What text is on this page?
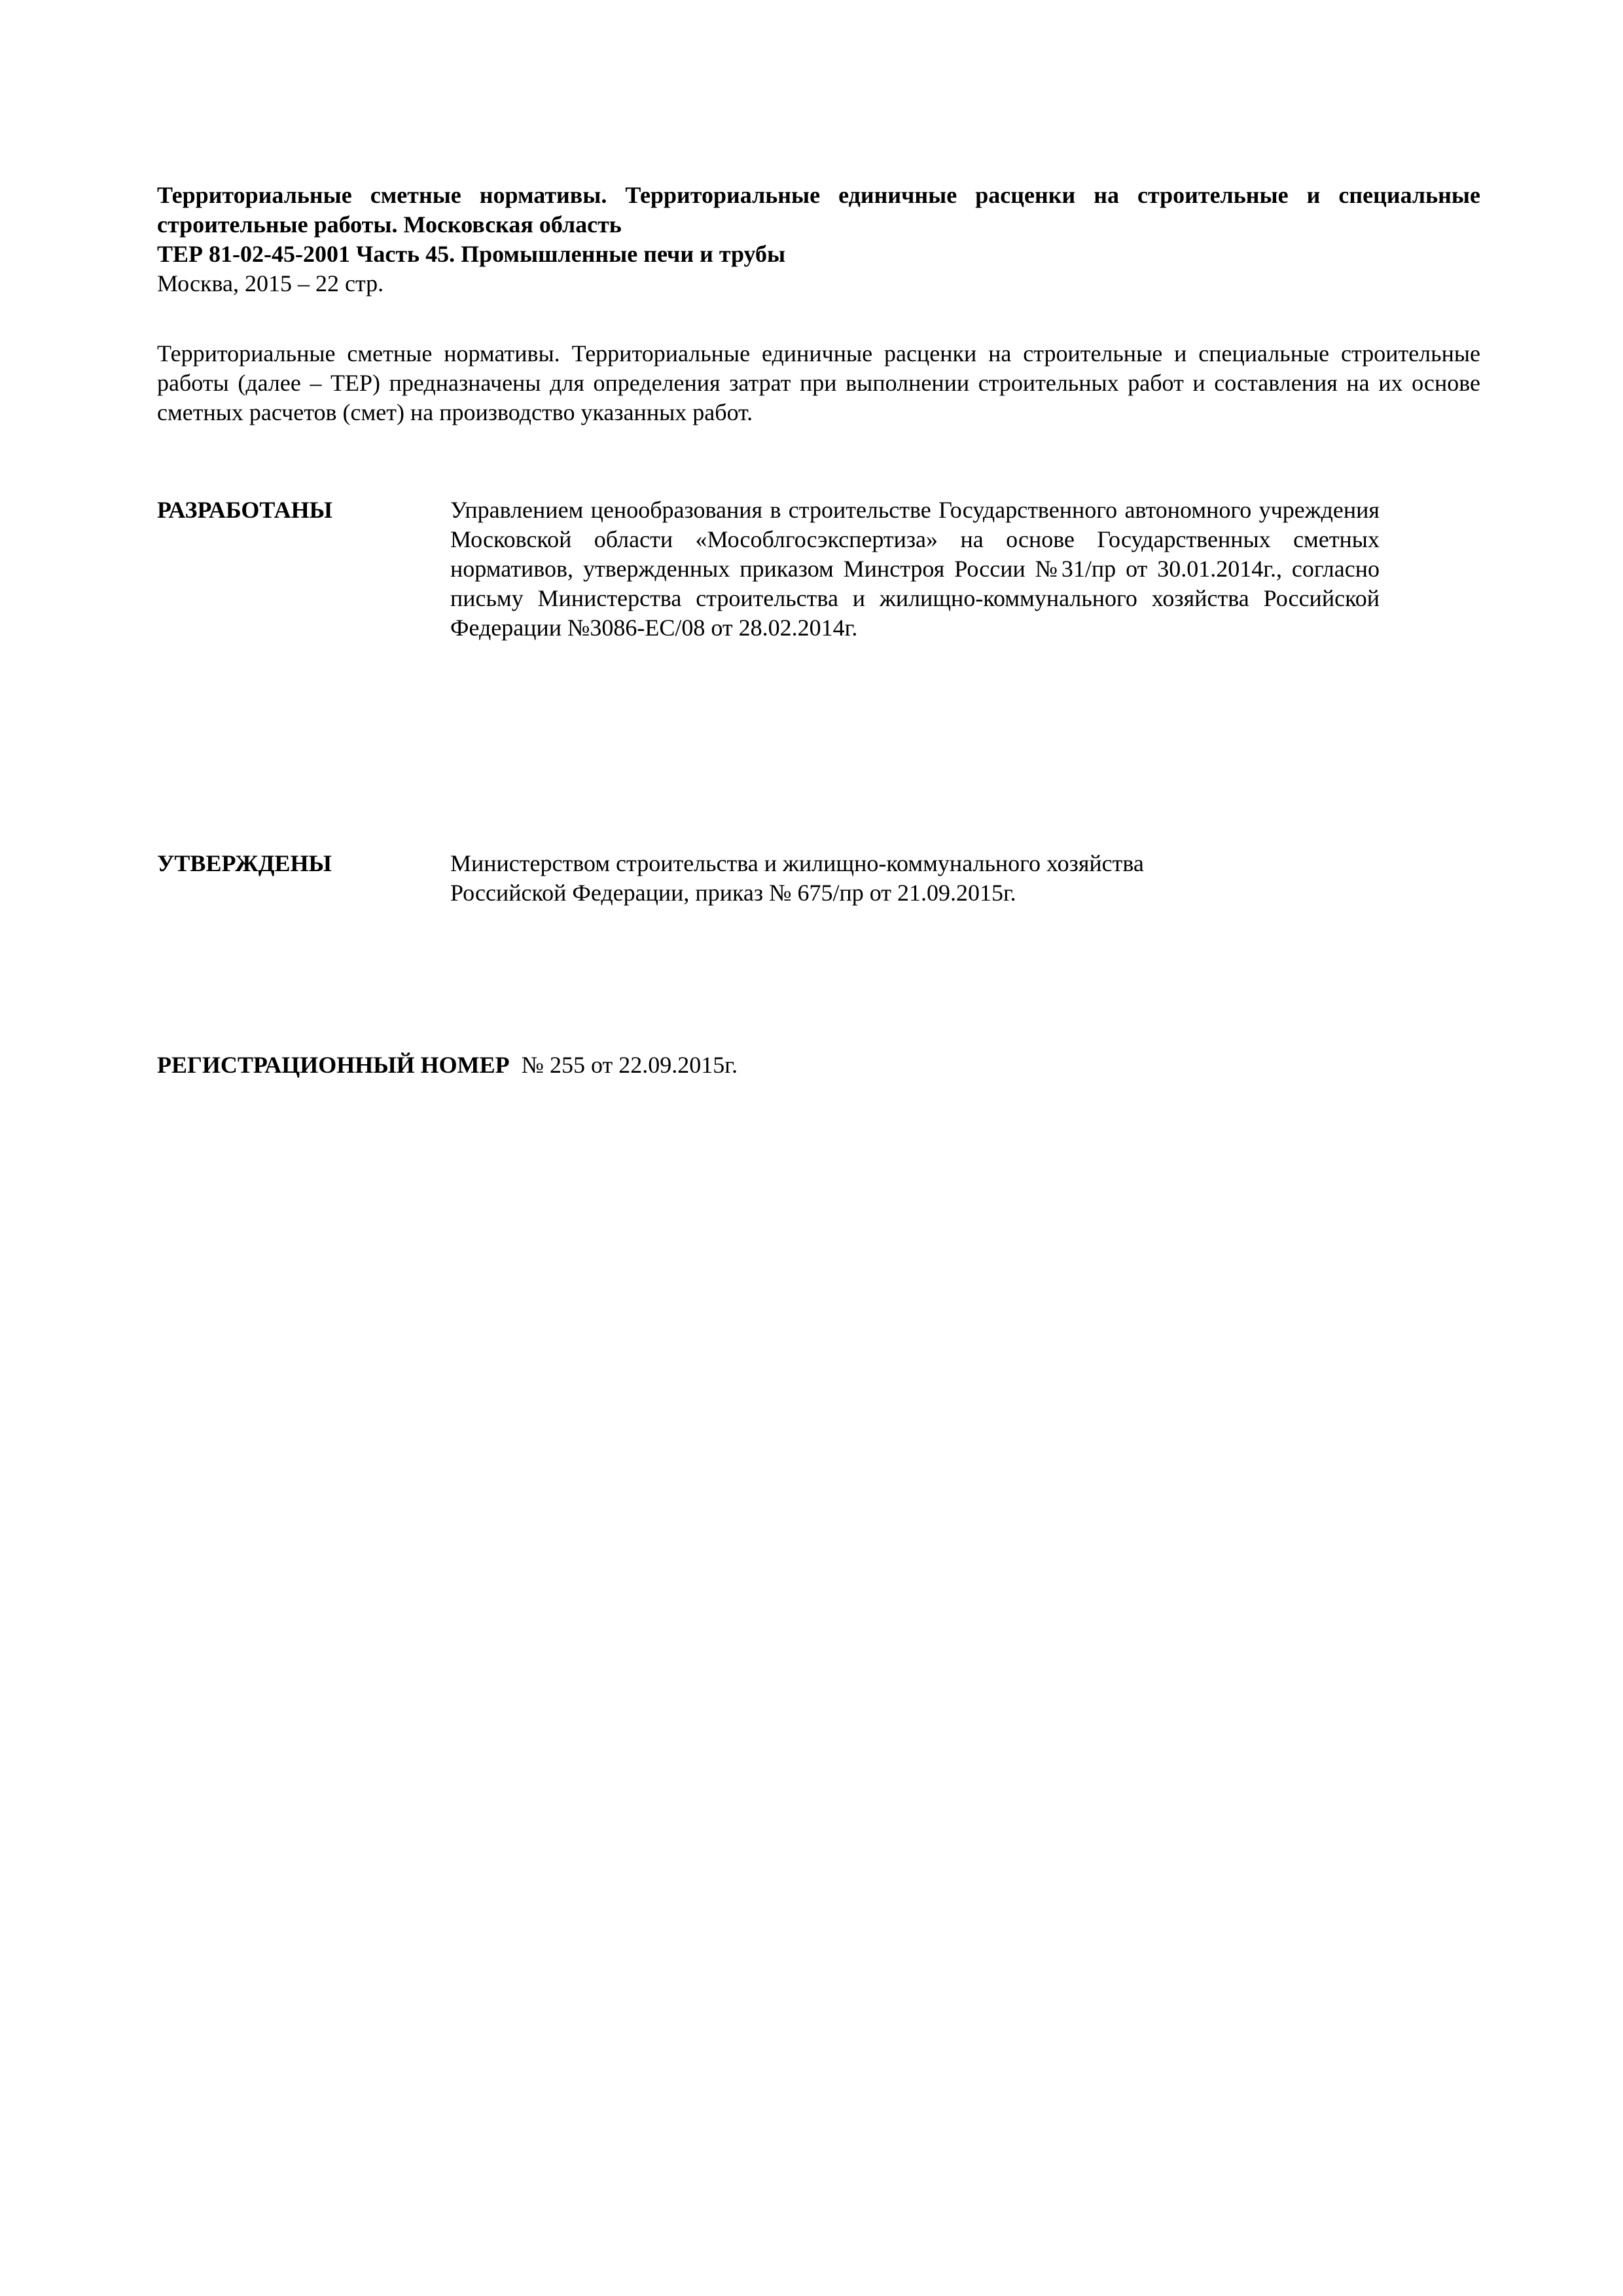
Территориальные сметные нормативы. Территориальные единичные расценки на строительные и специальные строительные работы. Московская область
ТЕР 81-02-45-2001 Часть 45. Промышленные печи и трубы
Москва, 2015 – 22 стр.

Территориальные сметные нормативы. Территориальные единичные расценки на строительные и специальные строительные работы (далее – ТЕР) предназначены для определения затрат при выполнении строительных работ и составления на их основе сметных расчетов (смет) на производство указанных работ.

РАЗРАБОТАНЫ	Управлением ценообразования в строительстве Государственного автономного учреждения Московской области «Мособлгосэкспертиза» на основе Государственных сметных нормативов, утвержденных приказом Минстроя России №31/пр от 30.01.2014г., согласно письму Министерства строительства и жилищно-коммунального хозяйства Российской Федерации №3086-ЕС/08 от 28.02.2014г.

УТВЕРЖДЕНЫ	Министерством строительства и жилищно-коммунального хозяйства
Российской Федерации, приказ № 675/пр от 21.09.2015г.

РЕГИСТРАЦИОННЫЙ НОМЕР № 255 от 22.09.2015г.
